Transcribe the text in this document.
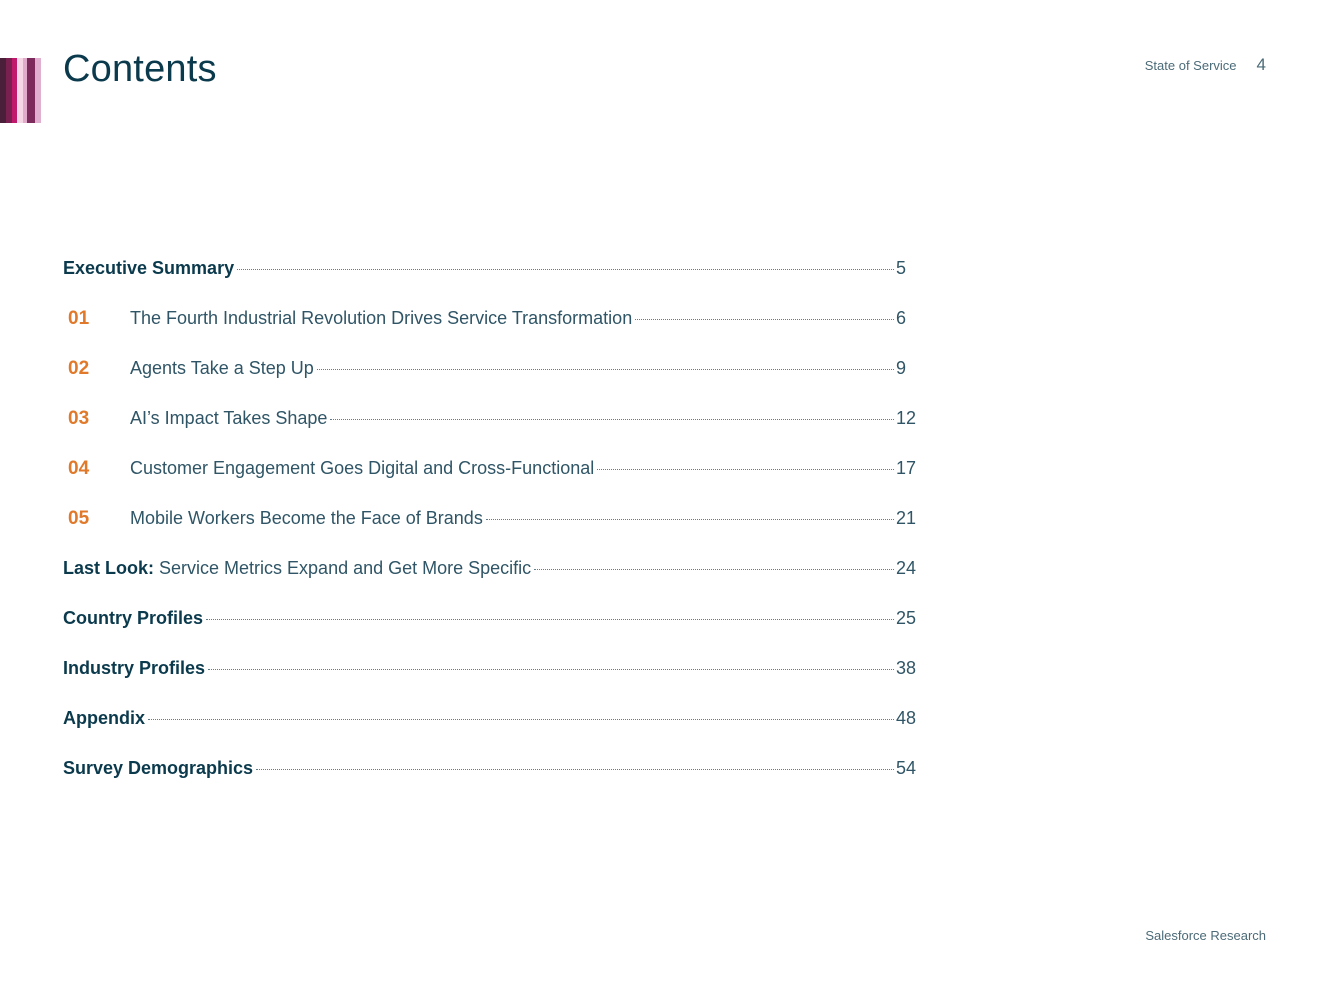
Contents	State of Service 4
Executive Summary	5
01	The Fourth Industrial Revolution Drives Service Transformation	6
02	Agents Take a Step Up	9
03	AI’s Impact Takes Shape	12
04	Customer Engagement Goes Digital and Cross-Functional	17
05	Mobile Workers Become the Face of Brands	21
Last Look: Service Metrics Expand and Get More Specific	24
Country Profiles	25
Industry Profiles	38
Appendix	48
Survey Demographics	54
Salesforce Research
